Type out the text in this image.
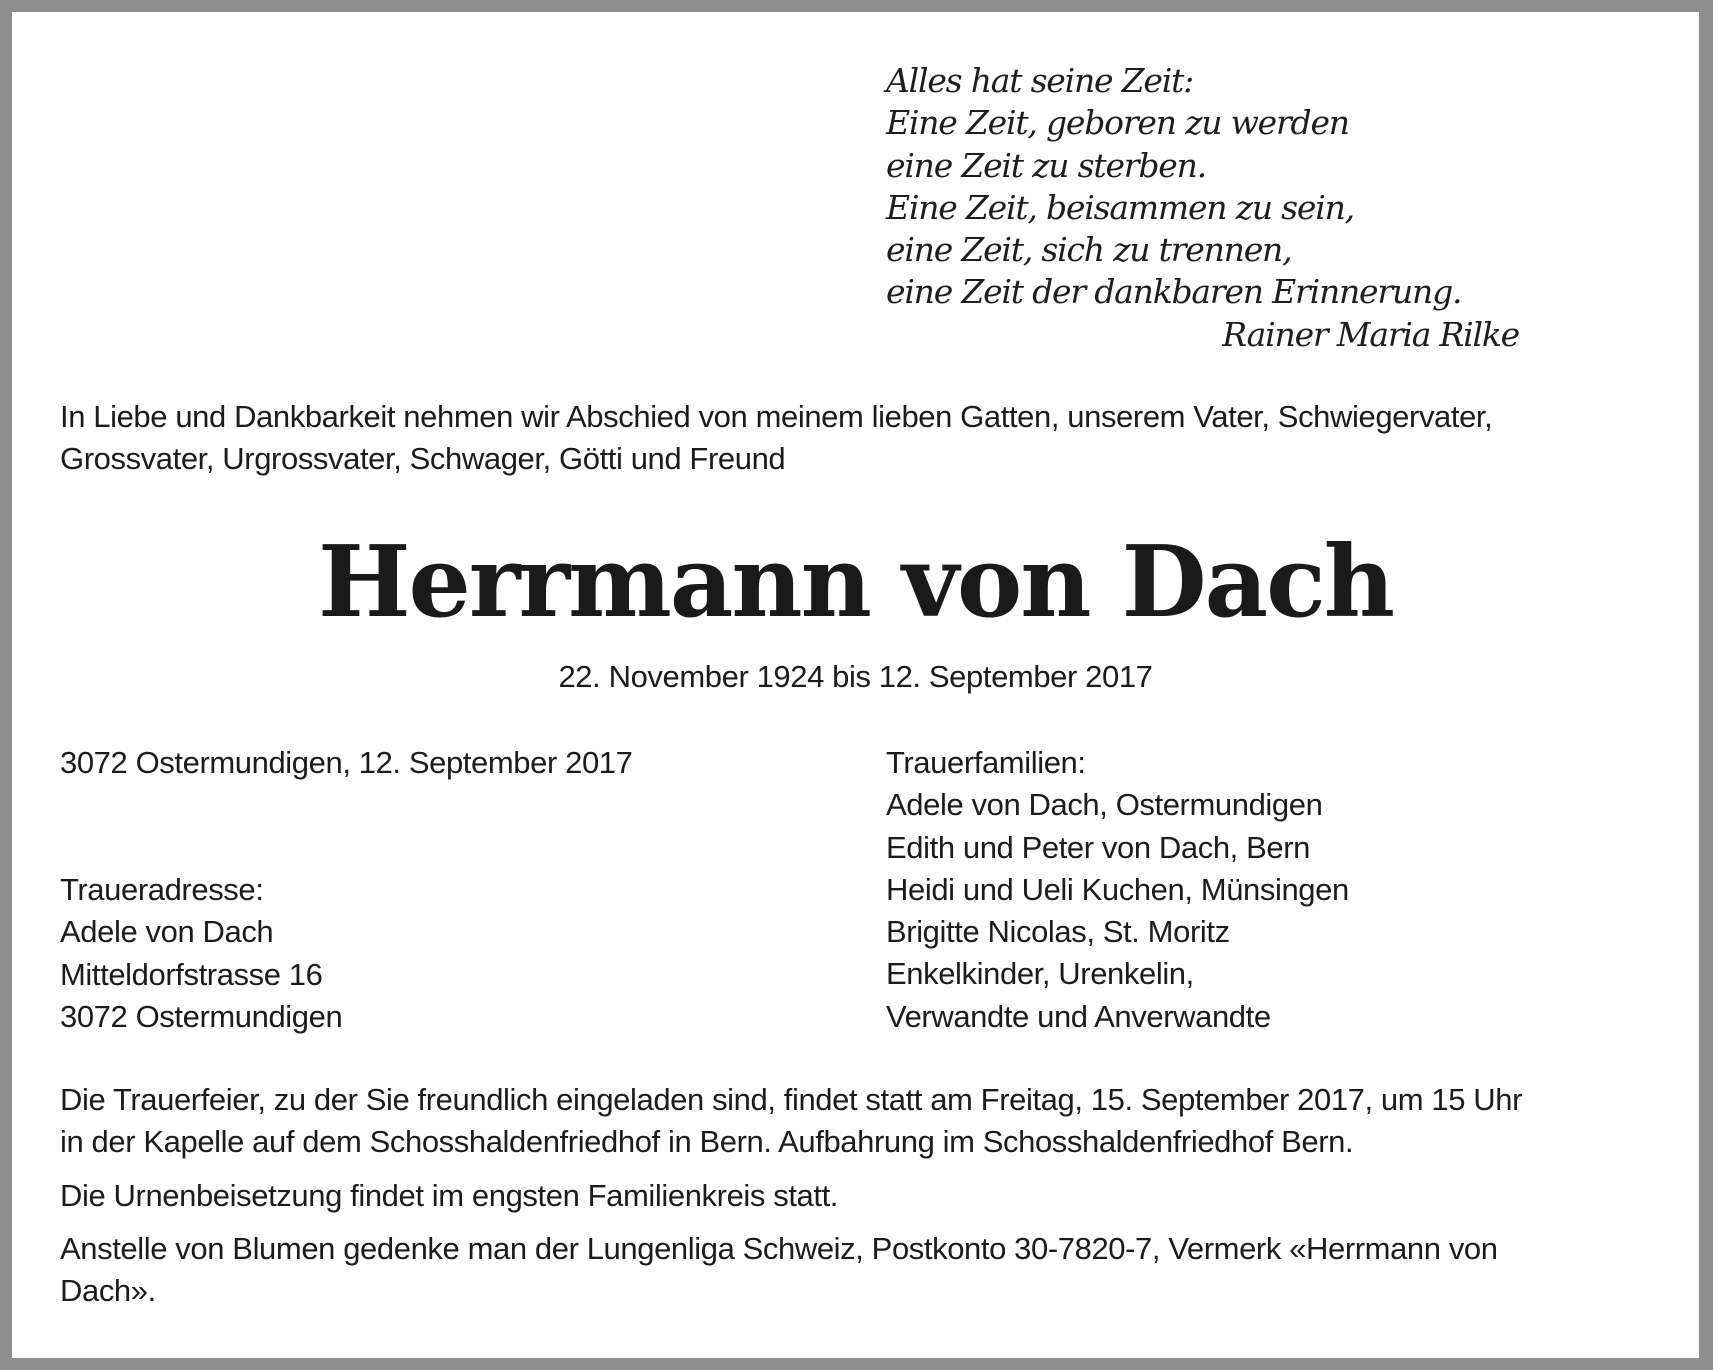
Alles hat seine Zeit:
Eine Zeit, geboren zu werden
eine Zeit zu sterben.
Eine Zeit, beisammen zu sein,
eine Zeit, sich zu trennen,
eine Zeit der dankbaren Erinnerung.
Rainer Maria Rilke

In Liebe und Dankbarkeit nehmen wir Abschied von meinem lieben Gatten, unserem Vater, Schwiegervater,
Grossvater, Urgrossvater, Schwager, Götti und Freund

Herrmann von Dach

22. November 1924 bis 12. September 2017

3072 Ostermundigen, 12. September 2017

Traueradresse:
Adele von Dach
Mitteldorfstrasse 16
3072 Ostermundigen
Trauerfamilien:
Adele von Dach, Ostermundigen
Edith und Peter von Dach, Bern
Heidi und Ueli Kuchen, Münsingen
Brigitte Nicolas, St. Moritz
Enkelkinder, Urenkelin,
Verwandte und Anverwandte
Die Trauerfeier, zu der Sie freundlich eingeladen sind, findet statt am Freitag, 15. September 2017, um 15 Uhr
in der Kapelle auf dem Schosshaldenfriedhof in Bern. Aufbahrung im Schosshaldenfriedhof Bern.
Die Urnenbeisetzung findet im engsten Familienkreis statt.
Anstelle von Blumen gedenke man der Lungenliga Schweiz, Postkonto 30-7820-7, Vermerk «Herrmann von
Dach».
